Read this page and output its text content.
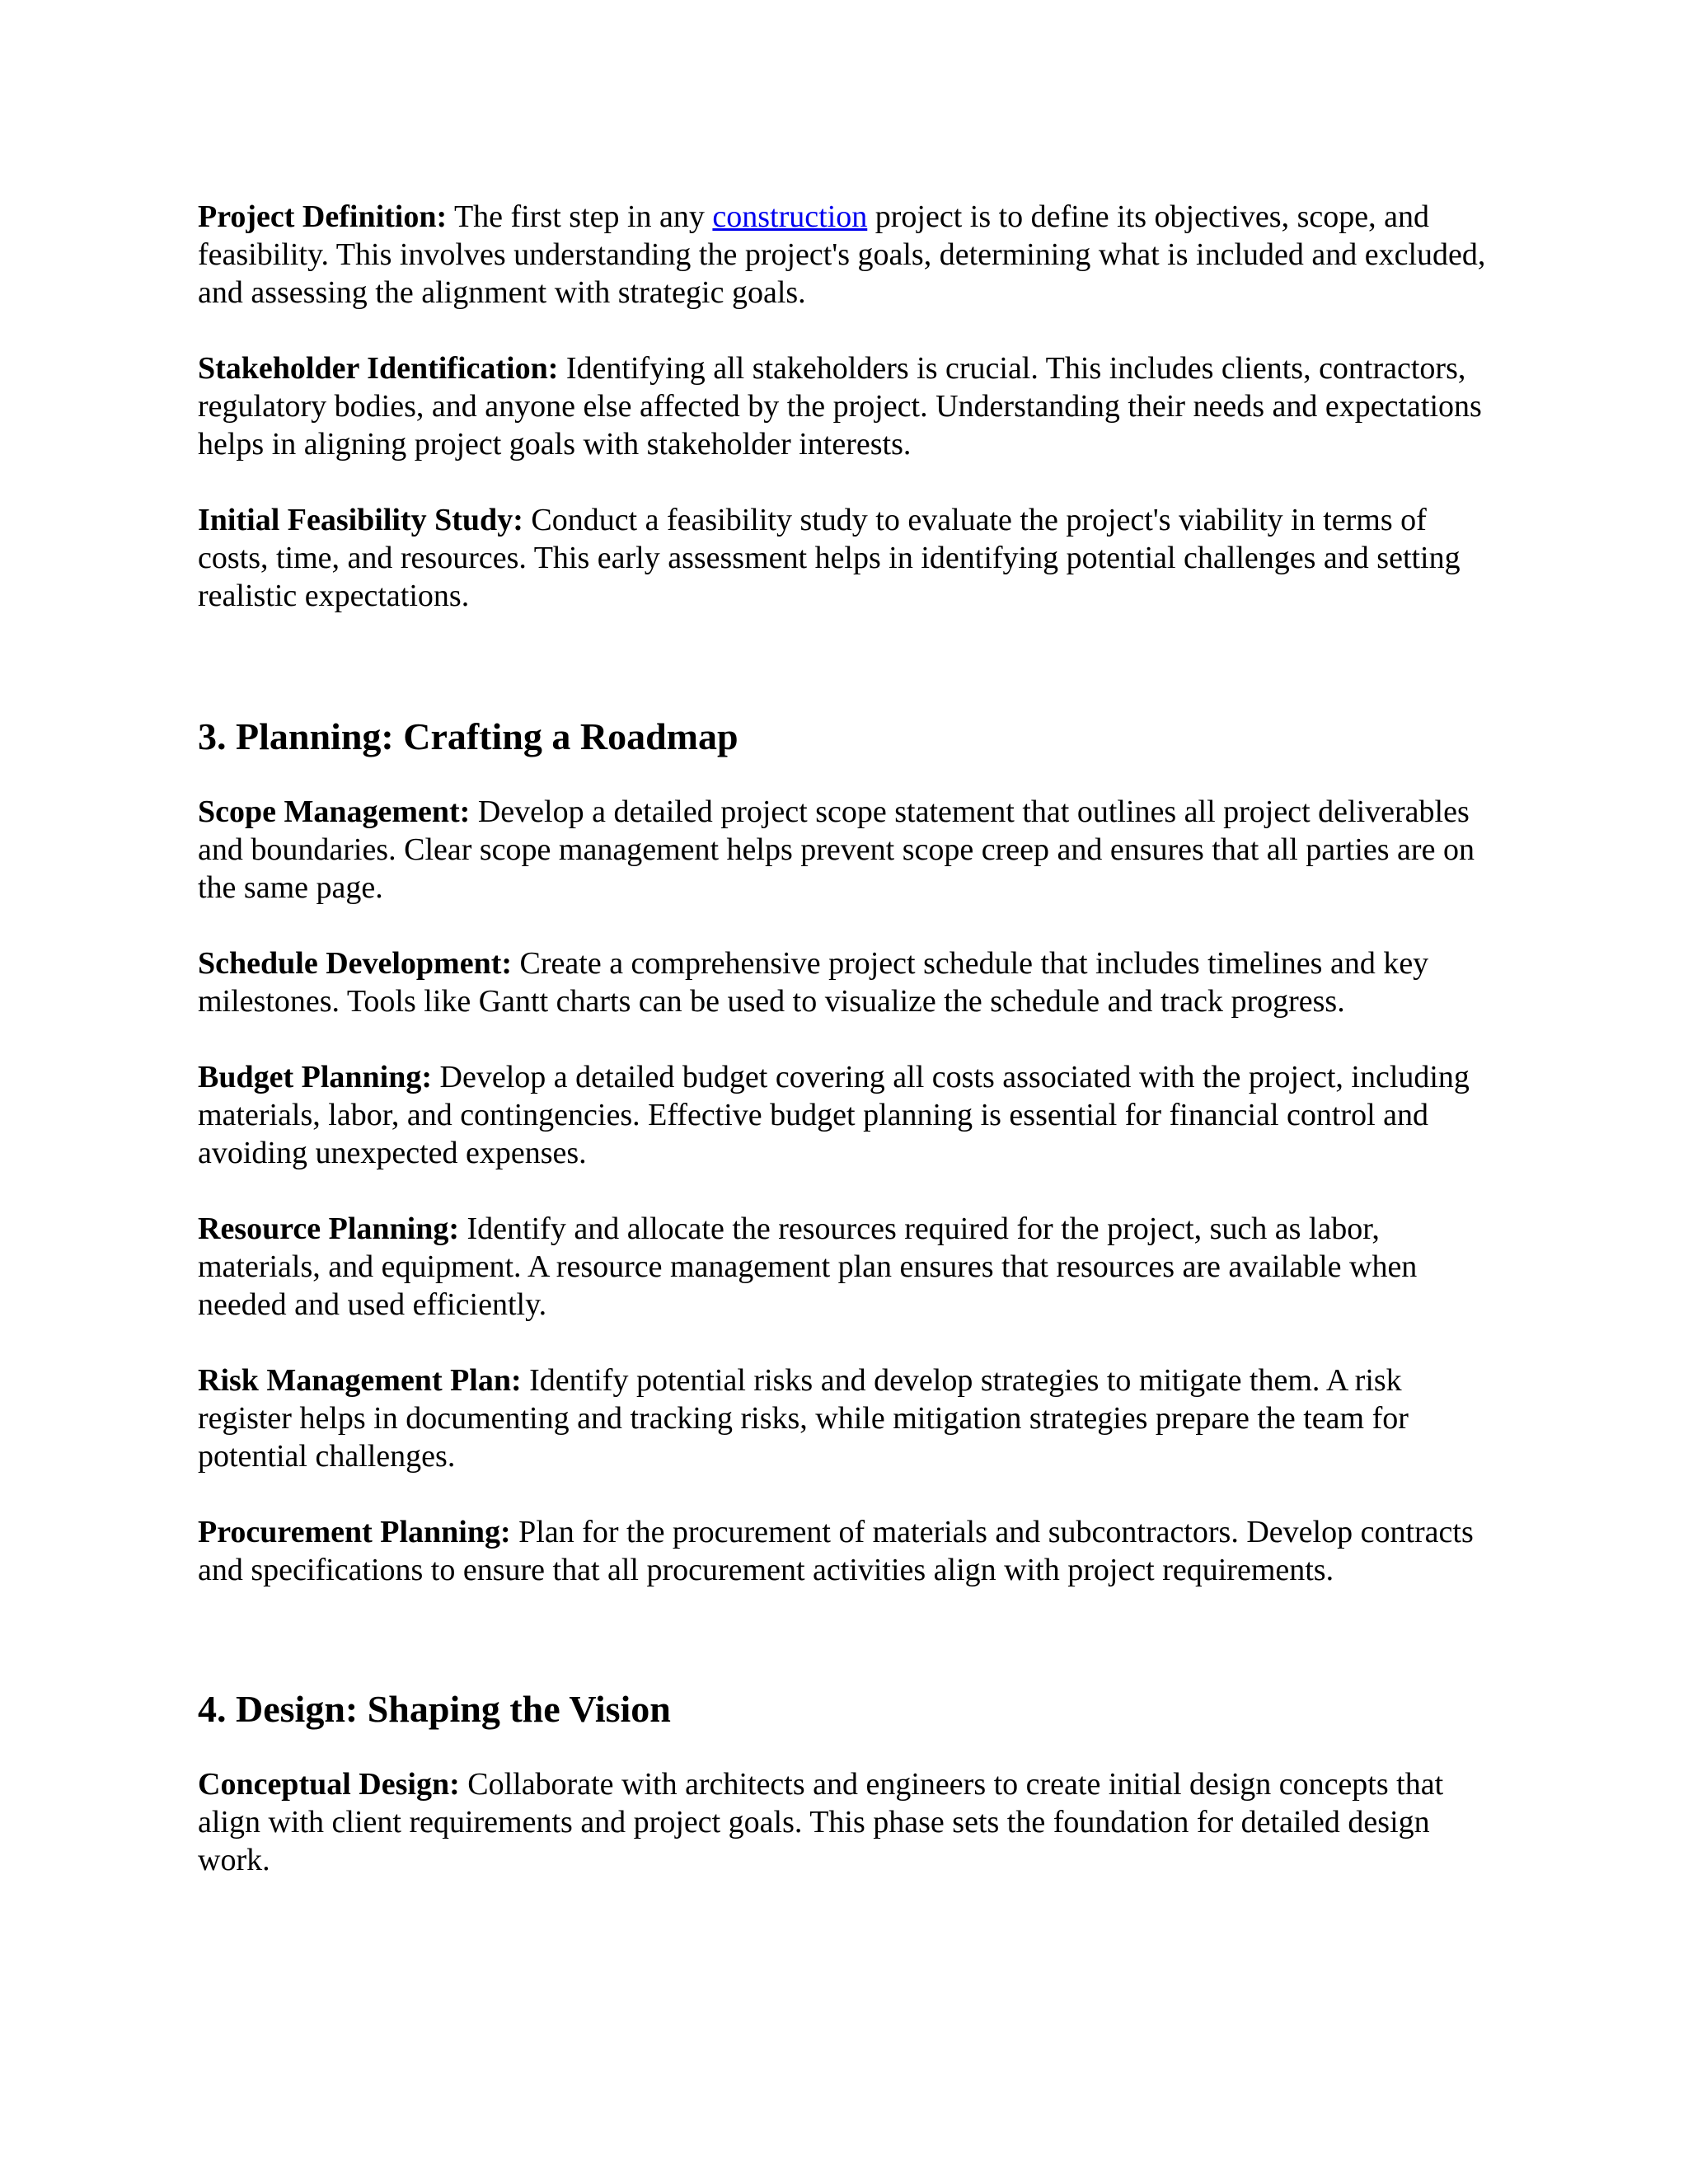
Project Definition: The first step in any construction project is to define its objectives, scope, and feasibility. This involves understanding the project's goals, determining what is included and excluded, and assessing the alignment with strategic goals.

Stakeholder Identification: Identifying all stakeholders is crucial. This includes clients, contractors, regulatory bodies, and anyone else affected by the project. Understanding their needs and expectations helps in aligning project goals with stakeholder interests.

Initial Feasibility Study: Conduct a feasibility study to evaluate the project's viability in terms of costs, time, and resources. This early assessment helps in identifying potential challenges and setting realistic expectations.

3. Planning: Crafting a Roadmap

Scope Management: Develop a detailed project scope statement that outlines all project deliverables and boundaries. Clear scope management helps prevent scope creep and ensures that all parties are on the same page.

Schedule Development: Create a comprehensive project schedule that includes timelines and key milestones. Tools like Gantt charts can be used to visualize the schedule and track progress.

Budget Planning: Develop a detailed budget covering all costs associated with the project, including materials, labor, and contingencies. Effective budget planning is essential for financial control and avoiding unexpected expenses.

Resource Planning: Identify and allocate the resources required for the project, such as labor, materials, and equipment. A resource management plan ensures that resources are available when needed and used efficiently.

Risk Management Plan: Identify potential risks and develop strategies to mitigate them. A risk register helps in documenting and tracking risks, while mitigation strategies prepare the team for potential challenges.

Procurement Planning: Plan for the procurement of materials and subcontractors. Develop contracts and specifications to ensure that all procurement activities align with project requirements.

4. Design: Shaping the Vision

Conceptual Design: Collaborate with architects and engineers to create initial design concepts that align with client requirements and project goals. This phase sets the foundation for detailed design work.
